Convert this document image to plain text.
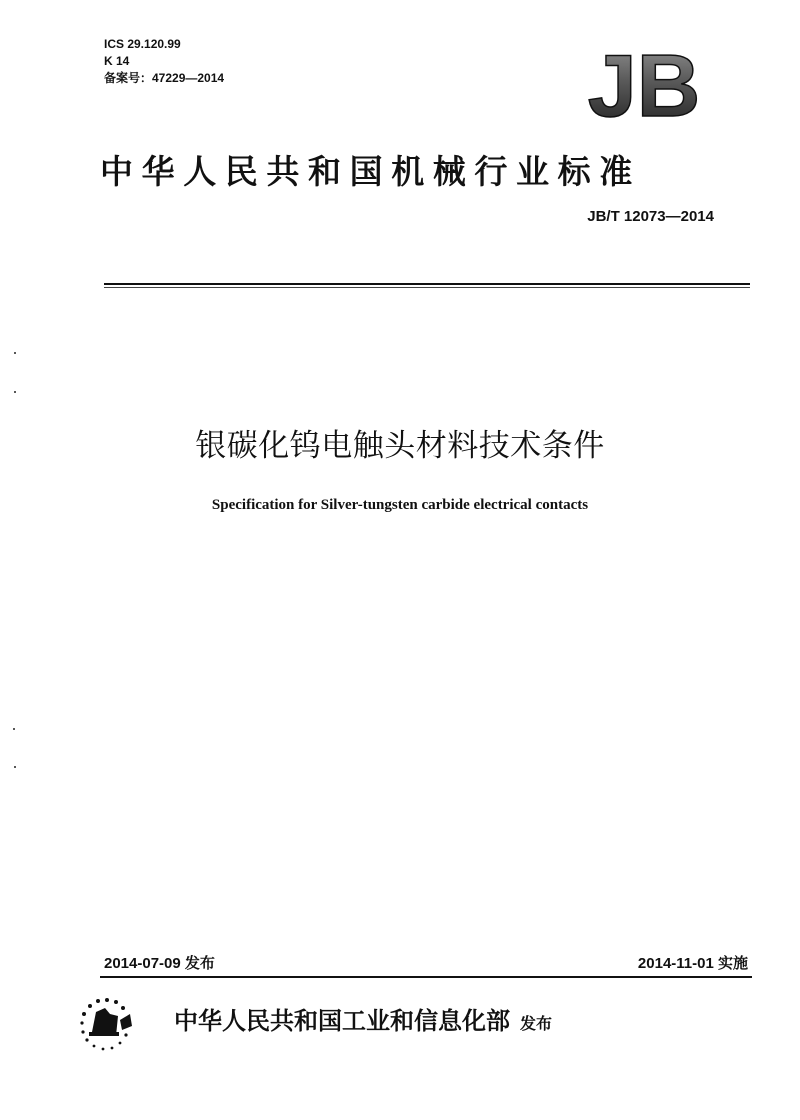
ICS 29.120.99
K 14
备案号：47229—2014	JB
中华人民共和国机械行业标准
JB/T 12073—2014
银碳化钨电触头材料技术条件
Specification for Silver-tungsten carbide electrical contacts
2014-07-09 发布	2014-11-01 实施
中华人民共和国工业和信息化部 发布
